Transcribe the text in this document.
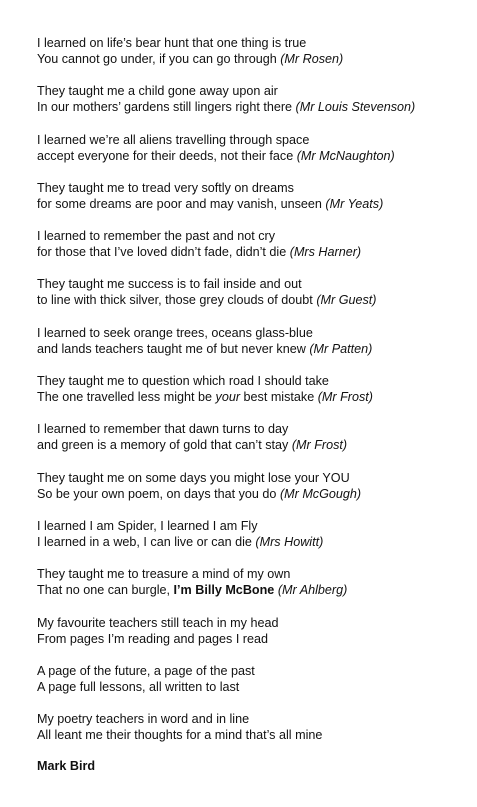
I learned on life’s bear hunt that one thing is true
You cannot go under, if you can go through (Mr Rosen)
They taught me a child gone away upon air
In our mothers’ gardens still lingers right there (Mr Louis Stevenson)
I learned we’re all aliens travelling through space
accept everyone for their deeds, not their face (Mr McNaughton)
They taught me to tread very softly on dreams
for some dreams are poor and may vanish, unseen (Mr Yeats)
I learned to remember the past and not cry
for those that I’ve loved didn’t fade, didn’t die (Mrs Harner)
They taught me success is to fail inside and out
to line with thick silver, those grey clouds of doubt (Mr Guest)
I learned to seek orange trees, oceans glass-blue
and lands teachers taught me of but never knew (Mr Patten)
They taught me to question which road I should take
The one travelled less might be your best mistake (Mr Frost)
I learned to remember that dawn turns to day
and green is a memory of gold that can’t stay (Mr Frost)
They taught me on some days you might lose your YOU
So be your own poem, on days that you do (Mr McGough)
I learned I am Spider, I learned I am Fly
I learned in a web, I can live or can die (Mrs Howitt)
They taught me to treasure a mind of my own
That no one can burgle, I’m Billy McBone (Mr Ahlberg)
My favourite teachers still teach in my head
From pages I’m reading and pages I read
A page of the future, a page of the past
A page full lessons, all written to last
My poetry teachers in word and in line
All leant me their thoughts for a mind that’s all mine
Mark Bird
